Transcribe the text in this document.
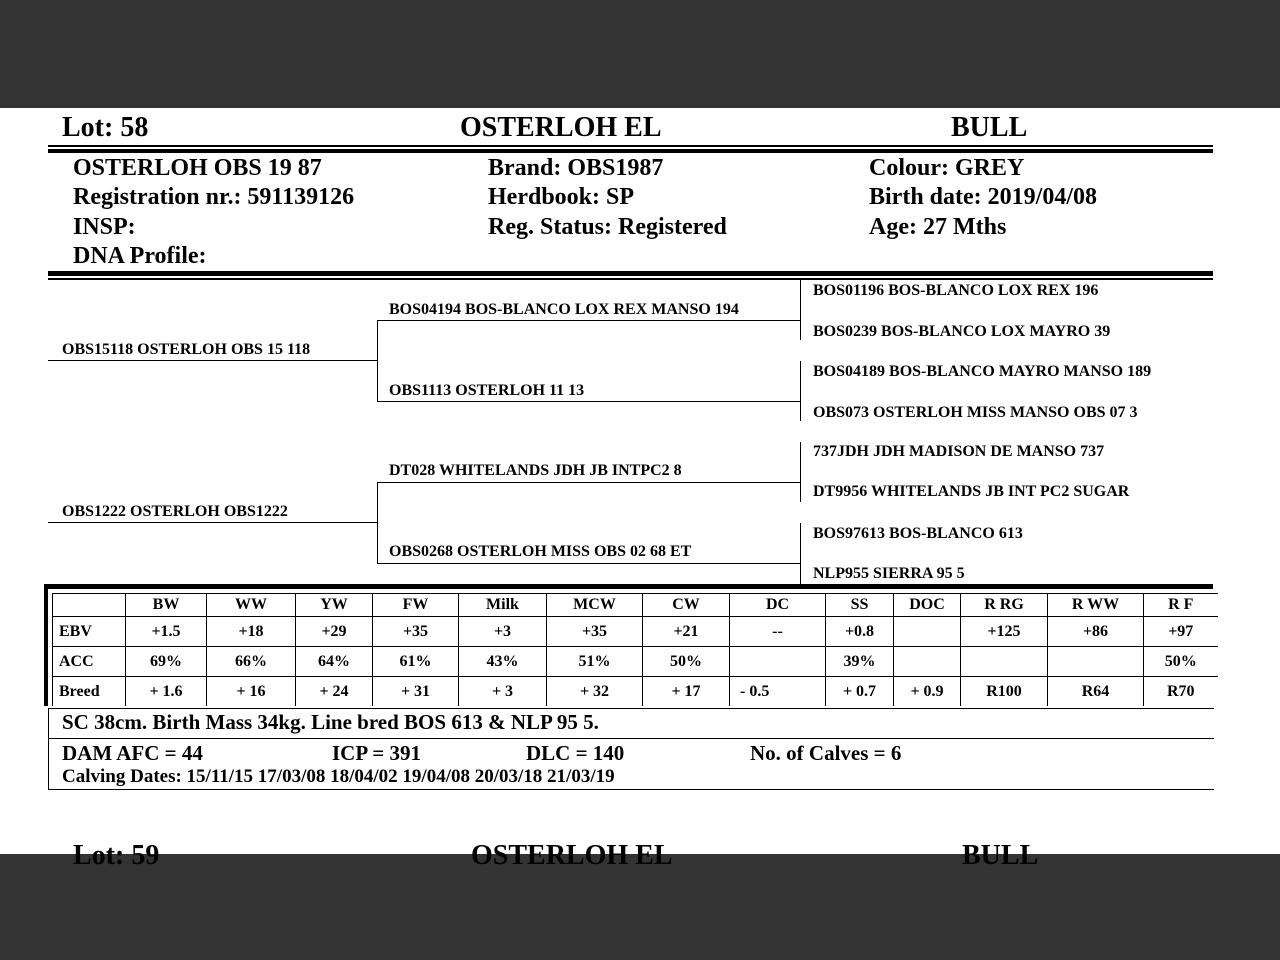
Lot: 58	OSTERLOH EL	BULL
OSTERLOH OBS 19 87
Registration nr.: 591139126
INSP:
DNA Profile:
Brand: OBS1987
Herdbook: SP
Reg. Status: Registered
Colour: GREY
Birth date: 2019/04/08
Age: 27 Mths
OBS15118 OSTERLOH OBS 15 118
OBS1222 OSTERLOH OBS1222
BOS04194 BOS-BLANCO LOX REX MANSO 194
OBS1113 OSTERLOH 11 13
DT028 WHITELANDS JDH JB INTPC2 8
OBS0268 OSTERLOH MISS OBS 02 68 ET
BOS01196 BOS-BLANCO LOX REX 196
BOS0239 BOS-BLANCO LOX MAYRO 39
BOS04189 BOS-BLANCO MAYRO MANSO 189
OBS073 OSTERLOH MISS MANSO OBS 07 3
737JDH JDH MADISON DE MANSO 737
DT9956 WHITELANDS JB INT PC2 SUGAR
BOS97613 BOS-BLANCO 613
NLP955 SIERRA 95 5
	BW	WW	YW	FW	Milk	MCW	CW	DC	SS	DOC	R RG	R WW	R F
EBV	+1.5	+18	+29	+35	+3	+35	+21	--	+0.8		+125	+86	+97
ACC	69%	66%	64%	61%	43%	51%	50%		39%				50%
Breed	+ 1.6	+ 16	+ 24	+ 31	+ 3	+ 32	+ 17	- 0.5	+ 0.7	+ 0.9	R100	R64	R70
SC 38cm. Birth Mass 34kg. Line bred BOS 613 & NLP 95 5.
DAM AFC = 44	ICP = 391	DLC = 140	No. of Calves = 6
Calving Dates: 15/11/15 17/03/08 18/04/02 19/04/08 20/03/18 21/03/19
Lot: 59	OSTERLOH EL	BULL
